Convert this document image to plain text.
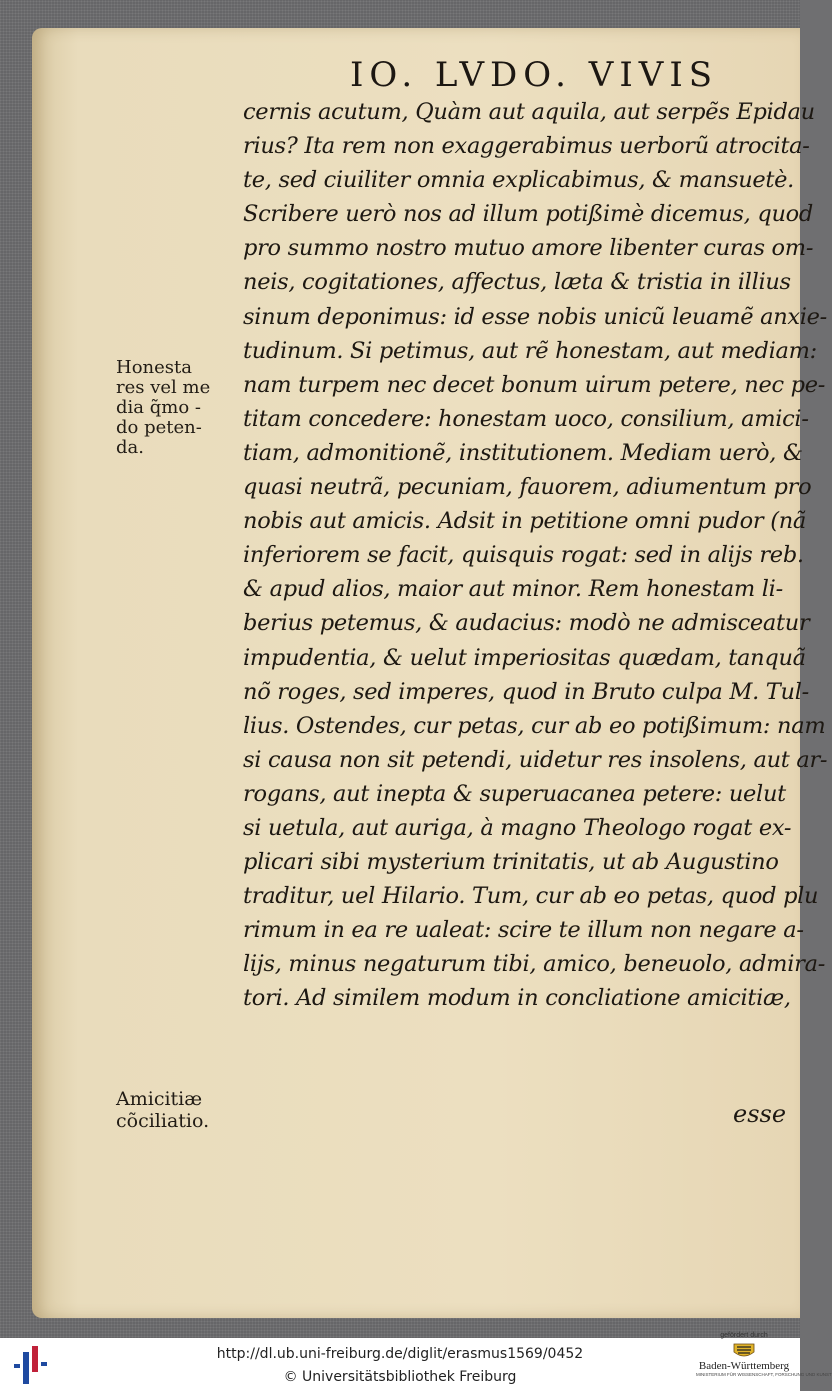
IO. LVDO. VIVIS
cernis acutum, Quàm aut aquila, aut serpẽs Epidau
rius? Ita rem non exaggerabimus uerborũ atrocita-
te, sed ciuiliter omnia explicabimus, & mansuetè.
Scribere uerò nos ad illum potißimè dicemus, quod
pro summo nostro mutuo amore libenter curas om-
neis, cogitationes, affectus, læta & tristia in illius
sinum deponimus: id esse nobis unicũ leuamẽ anxie-
tudinum. Si petimus, aut rẽ honestam, aut mediam:
nam turpem nec decet bonum uirum petere, nec pe-
titam concedere: honestam uoco, consilium, amici-
tiam, admonitionẽ, institutionem. Mediam uerò, &
quasi neutrã, pecuniam, fauorem, adiumentum pro
nobis aut amicis. Adsit in petitione omni pudor (nã
inferiorem se facit, quisquis rogat: sed in alijs reb.
& apud alios, maior aut minor. Rem honestam li-
berius petemus, & audacius: modò ne admisceatur
impudentia, & uelut imperiositas quædam, tanquã
nõ roges, sed imperes, quod in Bruto culpa M. Tul-
lius. Ostendes, cur petas, cur ab eo potißimum: nam
si causa non sit petendi, uidetur res insolens, aut ar-
rogans, aut inepta & superuacanea petere: uelut
si uetula, aut auriga, à magno Theologo rogat ex-
plicari sibi mysterium trinitatis, ut ab Augustino
traditur, uel Hilario. Tum, cur ab eo petas, quod plu
rimum in ea re ualeat: scire te illum non negare a-
lijs, minus negaturum tibi, amico, beneuolo, admira-
tori. Ad similem modum in concliatione amicitiæ,
Honesta
res vel me
dia q̃mo -
do peten-
da.
Amicitiæ
cõciliatio.	esse
http://dl.ub.uni-freiburg.de/diglit/erasmus1569/0452
© Universitätsbibliothek Freiburg
gefördert durch
Baden-Württemberg
MINISTERIUM FÜR WISSENSCHAFT, FORSCHUNG UND KUNST
